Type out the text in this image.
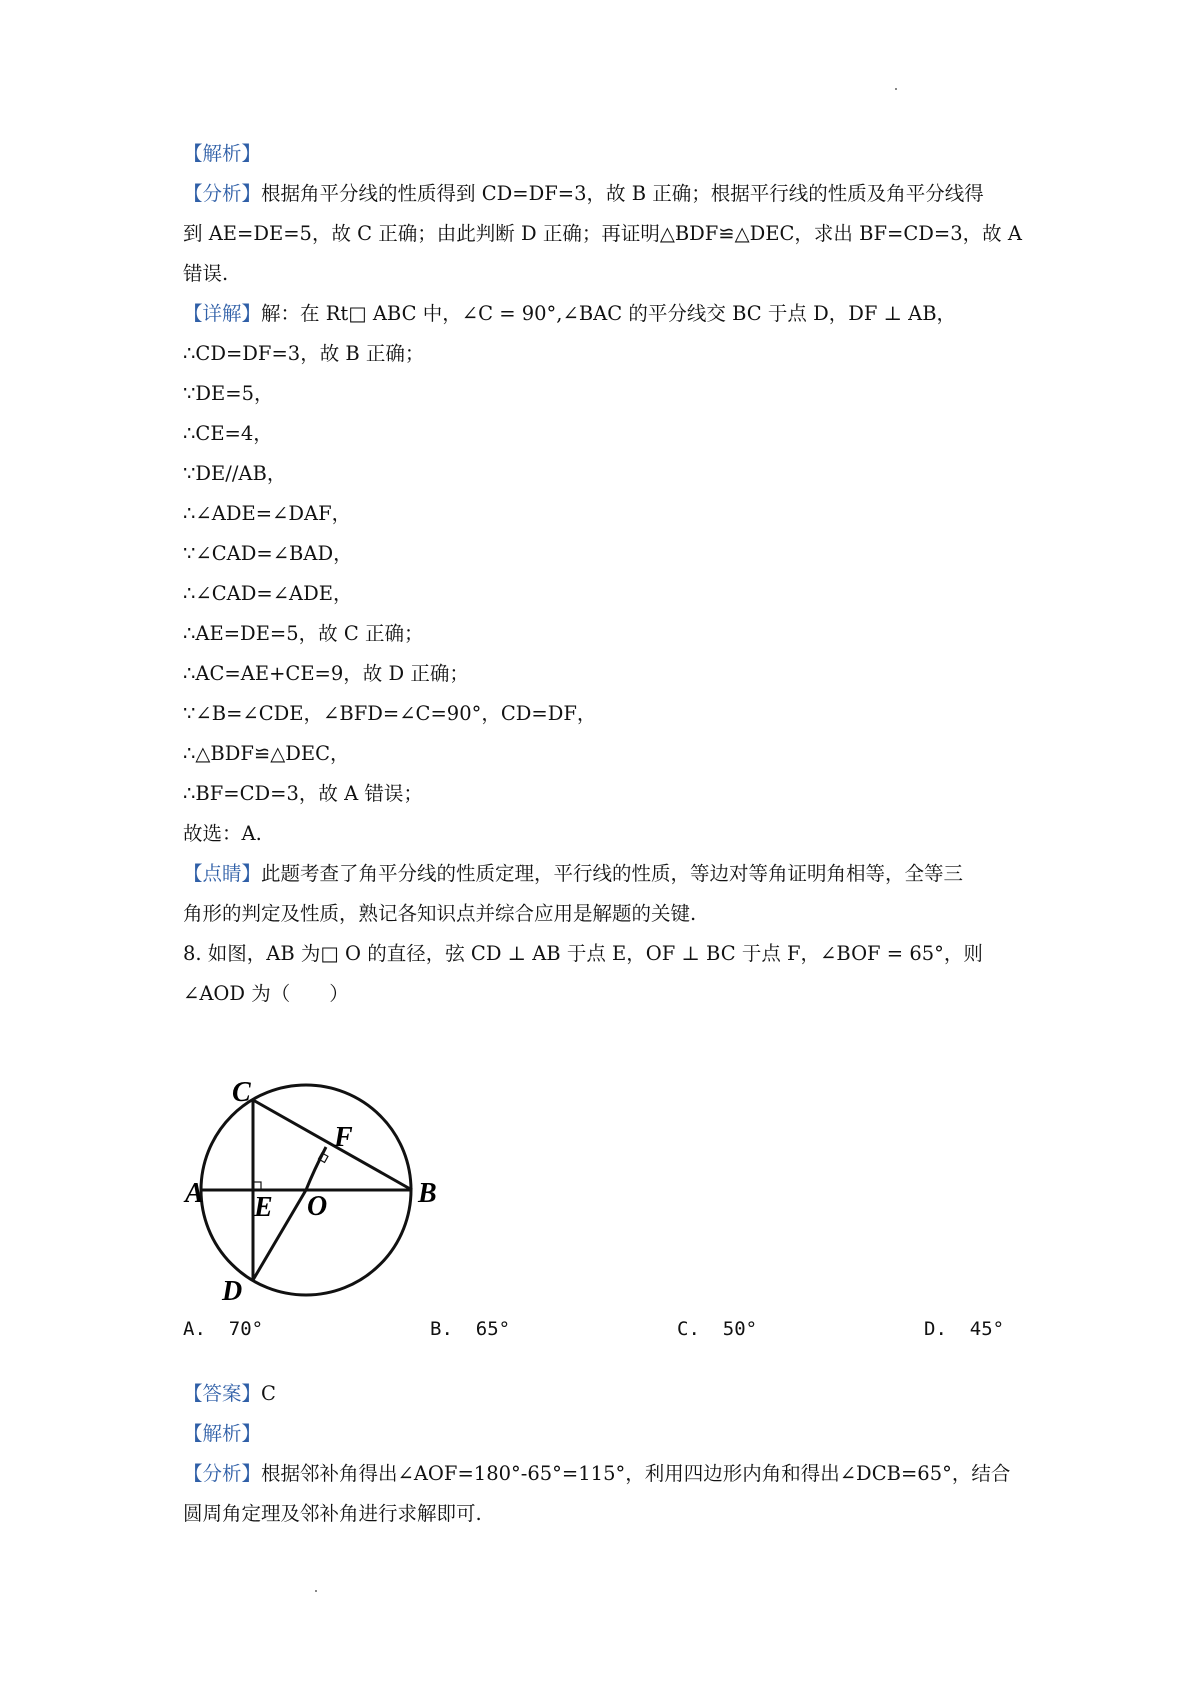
【解析】
【分析】根据角平分线的性质得到 CD=DF=3，故 B 正确；根据平行线的性质及角平分线得
到 AE=DE=5，故 C 正确；由此判断 D 正确；再证明△BDF≌△DEC，求出 BF=CD=3，故 A
错误.
【详解】解：在 Rt□ ABC 中，∠C = 90°,∠BAC 的平分线交 BC 于点 D，DF ⊥ AB，
∴CD=DF=3，故 B 正确；
∵DE=5，
∴CE=4，
∵DE//AB，
∴∠ADE=∠DAF，
∵∠CAD=∠BAD，
∴∠CAD=∠ADE，
∴AE=DE=5，故 C 正确；
∴AC=AE+CE=9，故 D 正确；
∵∠B=∠CDE，∠BFD=∠C=90°，CD=DF，
∴△BDF≌△DEC，
∴BF=CD=3，故 A 错误；
故选：A.
【点睛】此题考查了角平分线的性质定理，平行线的性质，等边对等角证明角相等，全等三
角形的判定及性质，熟记各知识点并综合应用是解题的关键.
8. 如图，AB 为□ O 的直径，弦 CD ⊥ AB 于点 E，OF ⊥ BC 于点 F，∠BOF = 65°，则
∠AOD 为（　　）
C
F
A E O	B
D
A. 70°	B. 65°	C. 50°	D. 45°
【答案】C
【解析】
【分析】根据邻补角得出∠AOF=180°-65°=115°，利用四边形内角和得出∠DCB=65°，结合
圆周角定理及邻补角进行求解即可.
